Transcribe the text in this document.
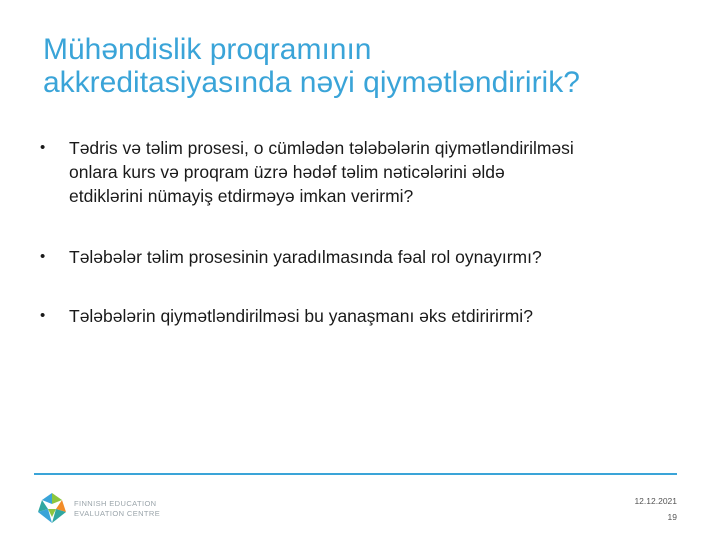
Mühəndislik proqramının
akkreditasiyasında nəyi qiymətləndiririk?
• Tədris və təlim prosesi, o cümlədən tələbələrin qiymətləndirilməsi
onlara kurs və proqram üzrə hədəf təlim nəticələrini əldə
etdiklərini nümayiş etdirməyə imkan verirmi?
• Tələbələr təlim prosesinin yaradılmasında fəal rol oynayırmı?
• Tələbələrin qiymətləndirilməsi bu yanaşmanı əks etdiririrmi?
FINNISH EDUCATION
EVALUATION CENTRE
12.12.2021
19
